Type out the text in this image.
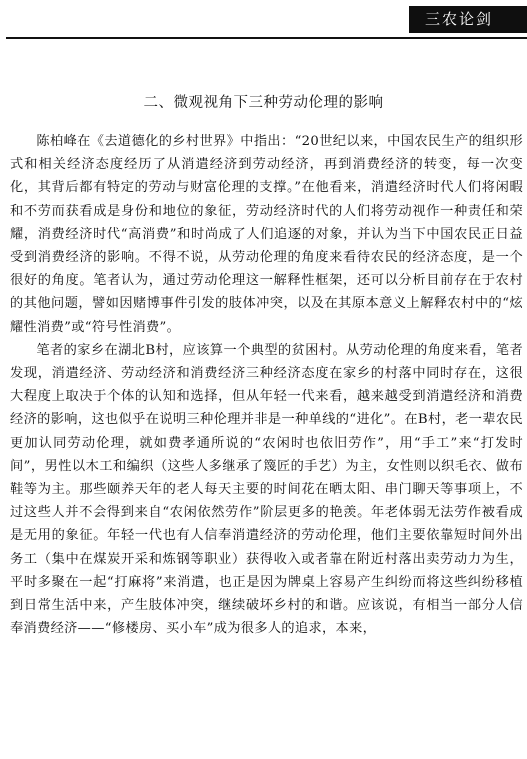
三农论剑
二、微观视角下三种劳动伦理的影响

陈柏峰在《去道德化的乡村世界》中指出：“20世纪以来，中国农民生产的组织形式和相关经济态度经历了从消遣经济到劳动经济，再到消费经济的转变，每一次变化，其背后都有特定的劳动与财富伦理的支撑。”在他看来，消遣经济时代人们将闲暇和不劳而获看成是身份和地位的象征，劳动经济时代的人们将劳动视作一种责任和荣耀，消费经济时代“高消费”和时尚成了人们追逐的对象，并认为当下中国农民正日益受到消费经济的影响。不得不说，从劳动伦理的角度来看待农民的经济态度，是一个很好的角度。笔者认为，通过劳动伦理这一解释性框架，还可以分析目前存在于农村的其他问题，譬如因赌博事件引发的肢体冲突，以及在其原本意义上解释农村中的“炫耀性消费”或“符号性消费”。

笔者的家乡在湖北B村，应该算一个典型的贫困村。从劳动伦理的角度来看，笔者发现，消遣经济、劳动经济和消费经济三种经济态度在家乡的村落中同时存在，这很大程度上取决于个体的认知和选择，但从年轻一代来看，越来越受到消遣经济和消费经济的影响，这也似乎在说明三种伦理并非是一种单线的“进化”。在B村，老一辈农民更加认同劳动伦理，就如费孝通所说的“农闲时也依旧劳作”，用“手工”来“打发时间”，男性以木工和编织（这些人多继承了篾匠的手艺）为主，女性则以织毛衣、做布鞋等为主。那些颐养天年的老人每天主要的时间花在晒太阳、串门聊天等事项上，不过这些人并不会得到来自“农闲依然劳作”阶层更多的艳羡。年老体弱无法劳作被看成是无用的象征。年轻一代也有人信奉消遣经济的劳动伦理，他们主要依靠短时间外出务工（集中在煤炭开采和炼钢等职业）获得收入或者靠在附近村落出卖劳动力为生，平时多聚在一起“打麻将”来消遣，也正是因为牌桌上容易产生纠纷而将这些纠纷移植到日常生活中来，产生肢体冲突，继续破坏乡村的和谐。应该说，有相当一部分人信奉消费经济——“修楼房、买小车”成为很多人的追求，本来，
